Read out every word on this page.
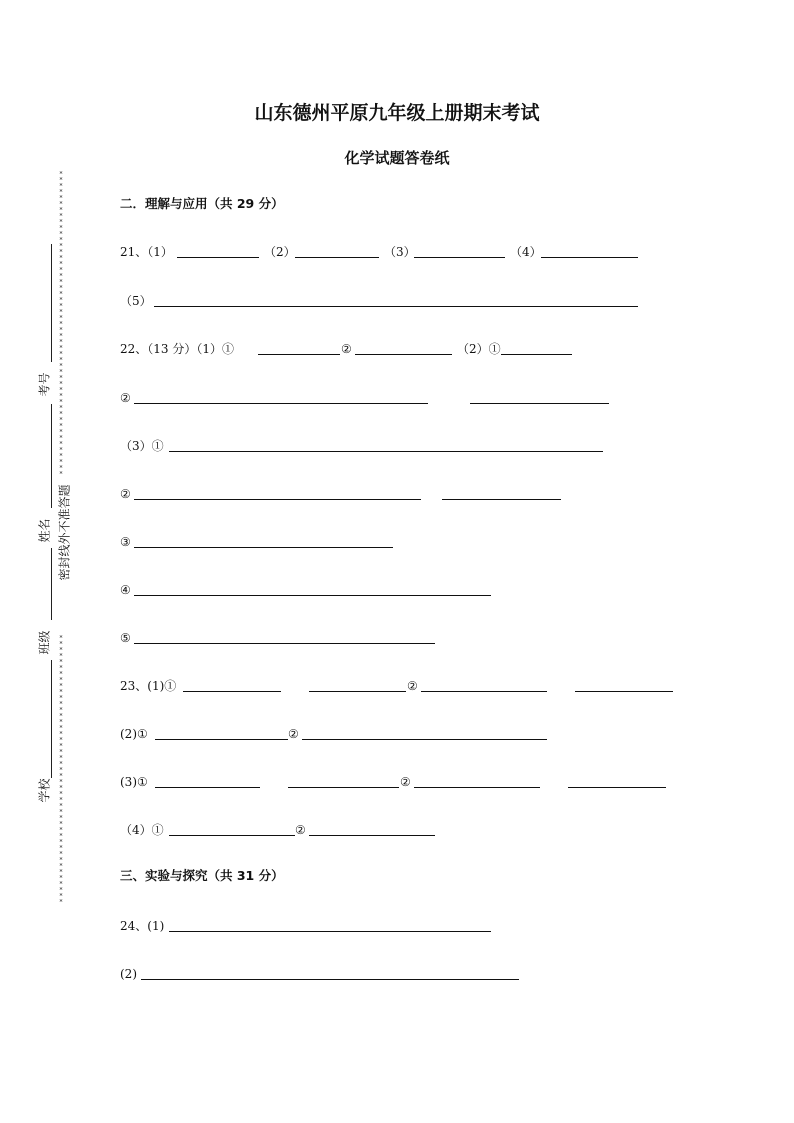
山东德州平原九年级上册期末考试
化学试题答卷纸
*
*
*
*
*
*
*
*
*
*
*
*
*
*
*
*
*
*
*
*
*
*
*
*
*
*
*
*
*
*
*
*
*
*
*
*
*
*
*
*
*
*
*
*
*
*
*
*
*
*
*
*
*
*
*
*
*
*
*
*
*
*
*
*
*
*
*
*
*
*
*
*
*
*
*
*
*
*
*
*
*
*
*
*
*
*
*
*
*
*
*
*
*
*
*
*
密封线外不准答题
考号
姓名
班级
学校
二．理解与应用（共 29 分）
21、（1）	（2）	（3）	（4）
（5）
22、（13 分）（1）①	②	（2）①
②
（3）①
②
③
④
⑤
23、(1)①	②
(2)①	②
(3)①	②
（4）①	②
三、实验与探究（共 31 分）
24、(1)
(2)
